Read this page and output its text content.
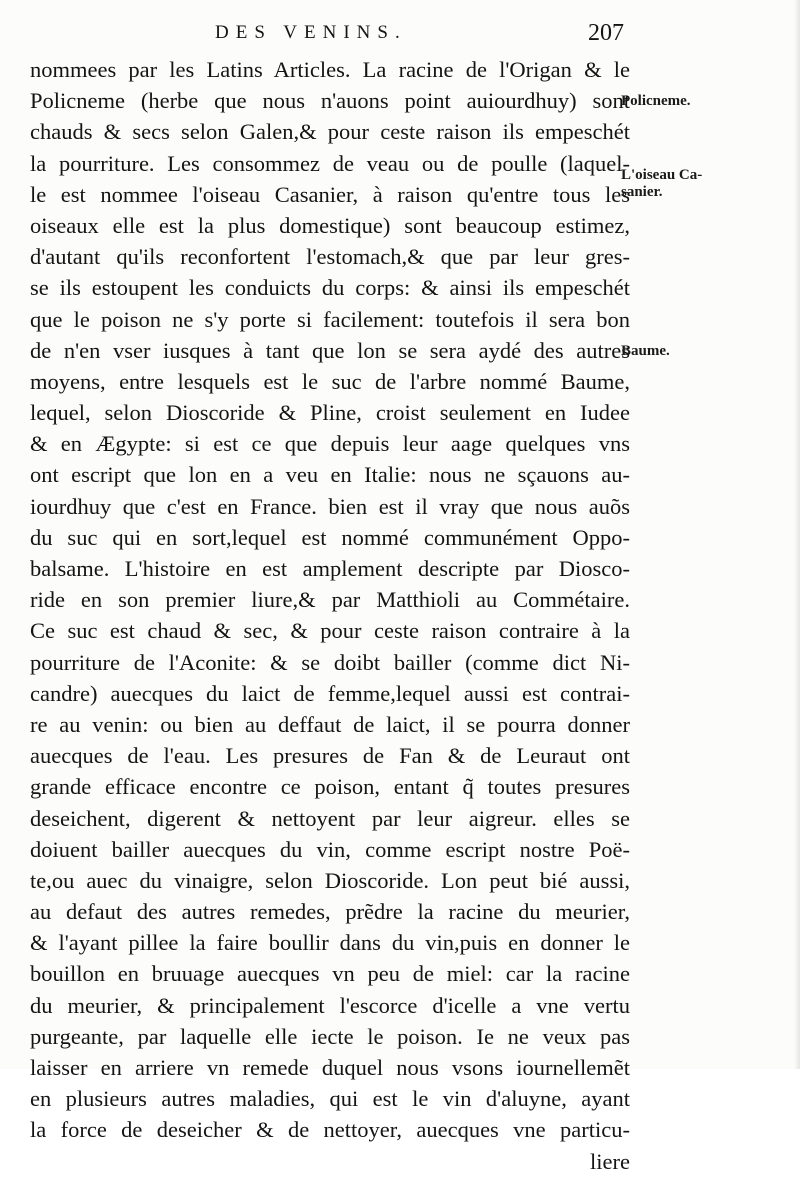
DES VENINS.	207
nommees par les Latins Articles. La racine de l'Origan & le
Policneme (herbe que nous n'auons point auiourdhuy) sont
chauds & secs selon Galen,& pour ceste raison ils empeschét
la pourriture. Les consommez de veau ou de poulle (laquel-
le est nommee l'oiseau Casanier, à raison qu'entre tous les
oiseaux elle est la plus domestique) sont beaucoup estimez,
d'autant qu'ils reconfortent l'estomach,& que par leur gres-
se ils estoupent les conduicts du corps: & ainsi ils empeschét
que le poison ne s'y porte si facilement: toutefois il sera bon
de n'en vser iusques à tant que lon se sera aydé des autres
moyens, entre lesquels est le suc de l'arbre nommé Baume,
lequel, selon Dioscoride & Pline, croist seulement en Iudee
& en Ægypte: si est ce que depuis leur aage quelques vns
ont escript que lon en a veu en Italie: nous ne sçauons au-
iourdhuy que c'est en France. bien est il vray que nous auõs
du suc qui en sort,lequel est nommé communément Oppo-
balsame. L'histoire en est amplement descripte par Diosco-
ride en son premier liure,& par Matthioli au Commétaire.
Ce suc est chaud & sec, & pour ceste raison contraire à la
pourriture de l'Aconite: & se doibt bailler (comme dict Ni-
candre) auecques du laict de femme,lequel aussi est contrai-
re au venin: ou bien au deffaut de laict, il se pourra donner
auecques de l'eau. Les presures de Fan & de Leuraut ont
grande efficace encontre ce poison, entant q̃ toutes presures
deseichent, digerent & nettoyent par leur aigreur. elles se
doiuent bailler auecques du vin, comme escript nostre Poë-
te,ou auec du vinaigre, selon Dioscoride. Lon peut bié aussi,
au defaut des autres remedes, prẽdre la racine du meurier,
& l'ayant pillee la faire boullir dans du vin,puis en donner le
bouillon en bruuage auecques vn peu de miel: car la racine
du meurier, & principalement l'escorce d'icelle a vne vertu
purgeante, par laquelle elle iecte le poison. Ie ne veux pas
laisser en arriere vn remede duquel nous vsons iournellemẽt
en plusieurs autres maladies, qui est le vin d'aluyne, ayant
la force de deseicher & de nettoyer, auecques vne particu-
liere
Policneme.
L'oiseau Ca-
sanier.
Baume.
